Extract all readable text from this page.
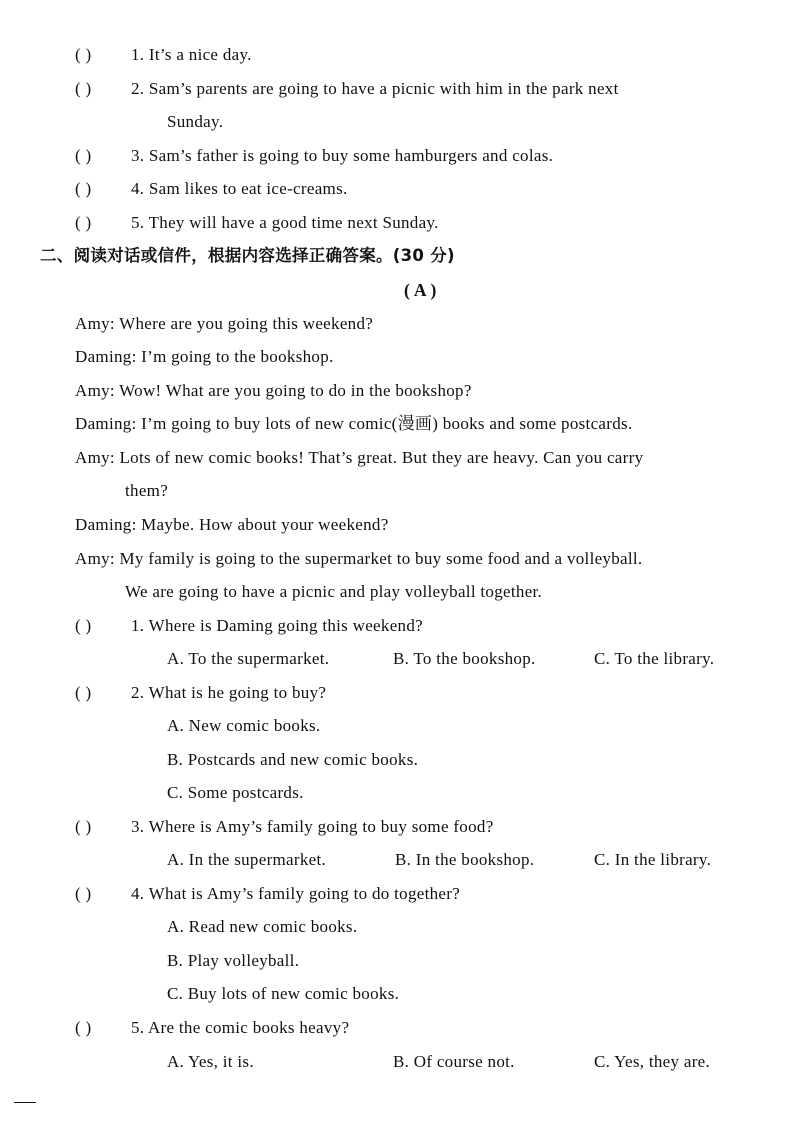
( ) 1. It’s a nice day.
( ) 2. Sam’s parents are going to have a picnic with him in the park next
Sunday.
( ) 3. Sam’s father is going to buy some hamburgers and colas.
( ) 4. Sam likes to eat ice-creams.
( ) 5. They will have a good time next Sunday.
二、阅读对话或信件，根据内容选择正确答案。(30 分)
( A )
Amy: Where are you going this weekend?
Daming: I’m going to the bookshop.
Amy: Wow! What are you going to do in the bookshop?
Daming: I’m going to buy lots of new comic(漫画) books and some postcards.
Amy: Lots of new comic books! That’s great. But they are heavy. Can you carry
them?
Daming: Maybe. How about your weekend?
Amy: My family is going to the supermarket to buy some food and a volleyball.
We are going to have a picnic and play volleyball together.
( ) 1. Where is Daming going this weekend?
A. To the supermarket.	B. To the bookshop.	C. To the library.
( ) 2. What is he going to buy?
A. New comic books.
B. Postcards and new comic books.
C. Some postcards.
( ) 3. Where is Amy’s family going to buy some food?
A. In the supermarket.	B. In the bookshop.	C. In the library.
( ) 4. What is Amy’s family going to do together?
A. Read new comic books.
B. Play volleyball.
C. Buy lots of new comic books.
( ) 5. Are the comic books heavy?
A. Yes, it is.	B. Of course not.	C. Yes, they are.
